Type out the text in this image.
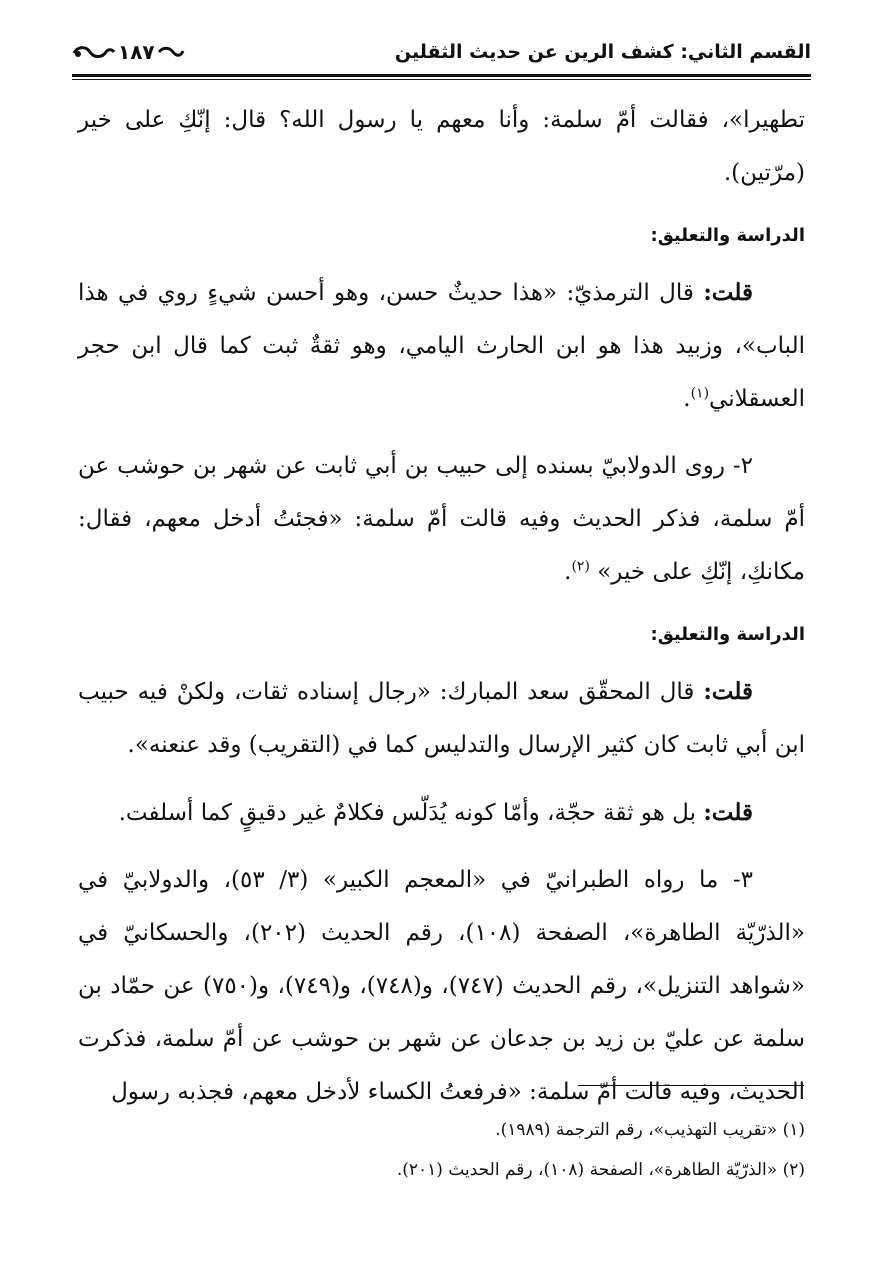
القسم الثاني: كشف الرين عن حديث الثقلين
١٨٧

تطهيرا»، فقالت أمّ سلمة: وأنا معهم يا رسول الله؟ قال: إنّكِ على خير (مرّتين).

الدراسة والتعليق:

قلت: قال الترمذيّ: «هذا حديثٌ حسن، وهو أحسن شيءٍ روي في هذا الباب»، وزبيد هذا هو ابن الحارث اليامي، وهو ثقةٌ ثبت كما قال ابن حجر العسقلاني$^{(١)}$.

٢- روى الدولابيّ بسنده إلى حبيب بن أبي ثابت عن شهر بن حوشب عن أمّ سلمة، فذكر الحديث وفيه قالت أمّ سلمة: «فجئتُ أدخل معهم، فقال: مكانكِ، إنّكِ على خير» $^{(٢)}$.

الدراسة والتعليق:

قلت: قال المحقّق سعد المبارك: «رجال إسناده ثقات، ولكنْ فيه حبيب ابن أبي ثابت كان كثير الإرسال والتدليس كما في (التقريب) وقد عنعنه».

قلت: بل هو ثقة حجّة، وأمّا كونه يُدَلّس فكلامٌ غير دقيقٍ كما أسلفت.

٣- ما رواه الطبرانيّ في «المعجم الكبير» (٣/ ٥٣)، والدولابيّ في «الذرّيّة الطاهرة»، الصفحة (١٠٨)، رقم الحديث (٢٠٢)، والحسكانيّ في «شواهد التنزيل»، رقم الحديث (٧٤٧)، و(٧٤٨)، و(٧٤٩)، و(٧٥٠) عن حمّاد بن سلمة عن عليّ بن زيد بن جدعان عن شهر بن حوشب عن أمّ سلمة، فذكرت الحديث، وفيه قالت أمّ سلمة: «فرفعتُ الكساء لأدخل معهم، فجذبه رسول

(١) «تقريب التهذيب»، رقم الترجمة (١٩٨٩).
(٢) «الذرّيّة الطاهرة»، الصفحة (١٠٨)، رقم الحديث (٢٠١).
